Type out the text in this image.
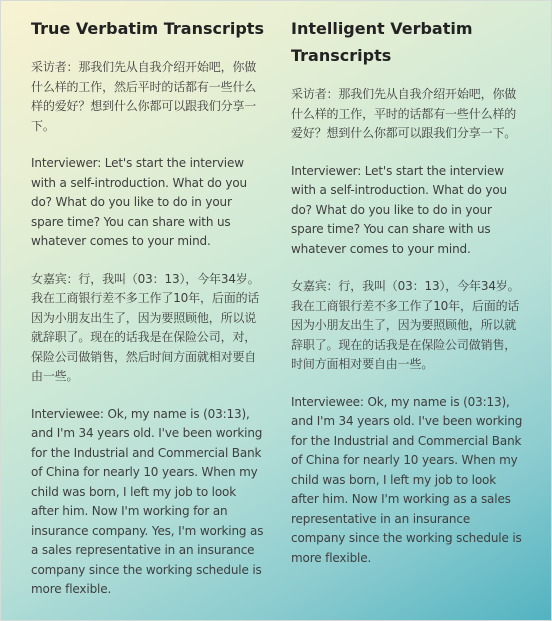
True Verbatim Transcripts

采访者：那我们先从自我介绍开始吧，你做什么样的工作，然后平时的话都有一些什么样的爱好？想到什么你都可以跟我们分享一下。

Interviewer: Let's start the interview with a self-introduction. What do you do? What do you like to do in your spare time? You can share with us whatever comes to your mind.

女嘉宾：行，我叫（03：13），今年34岁。我在工商银行差不多工作了10年，后面的话因为小朋友出生了，因为要照顾他，所以说就辞职了。现在的话我是在保险公司，对，保险公司做销售，然后时间方面就相对要自由一些。

Interviewee: Ok, my name is (03:13), and I'm 34 years old. I've been working for the Industrial and Commercial Bank of China for nearly 10 years. When my child was born, I left my job to look after him. Now I'm working for an insurance company. Yes, I'm working as a sales representative in an insurance company since the working schedule is more flexible.

Intelligent Verbatim Transcripts

采访者：那我们先从自我介绍开始吧，你做什么样的工作，平时的话都有一些什么样的爱好？想到什么你都可以跟我们分享一下。

Interviewer: Let's start the interview with a self-introduction. What do you do? What do you like to do in your spare time? You can share with us whatever comes to your mind.

女嘉宾：行，我叫（03：13），今年34岁。我在工商银行差不多工作了10年，后面的话因为小朋友出生了，因为要照顾他，所以就辞职了。现在的话我是在保险公司做销售，时间方面相对要自由一些。

Interviewee: Ok, my name is (03:13), and I'm 34 years old. I've been working for the Industrial and Commercial Bank of China for nearly 10 years. When my child was born, I left my job to look after him. Now I'm working as a sales representative in an insurance company since the working schedule is more flexible.
